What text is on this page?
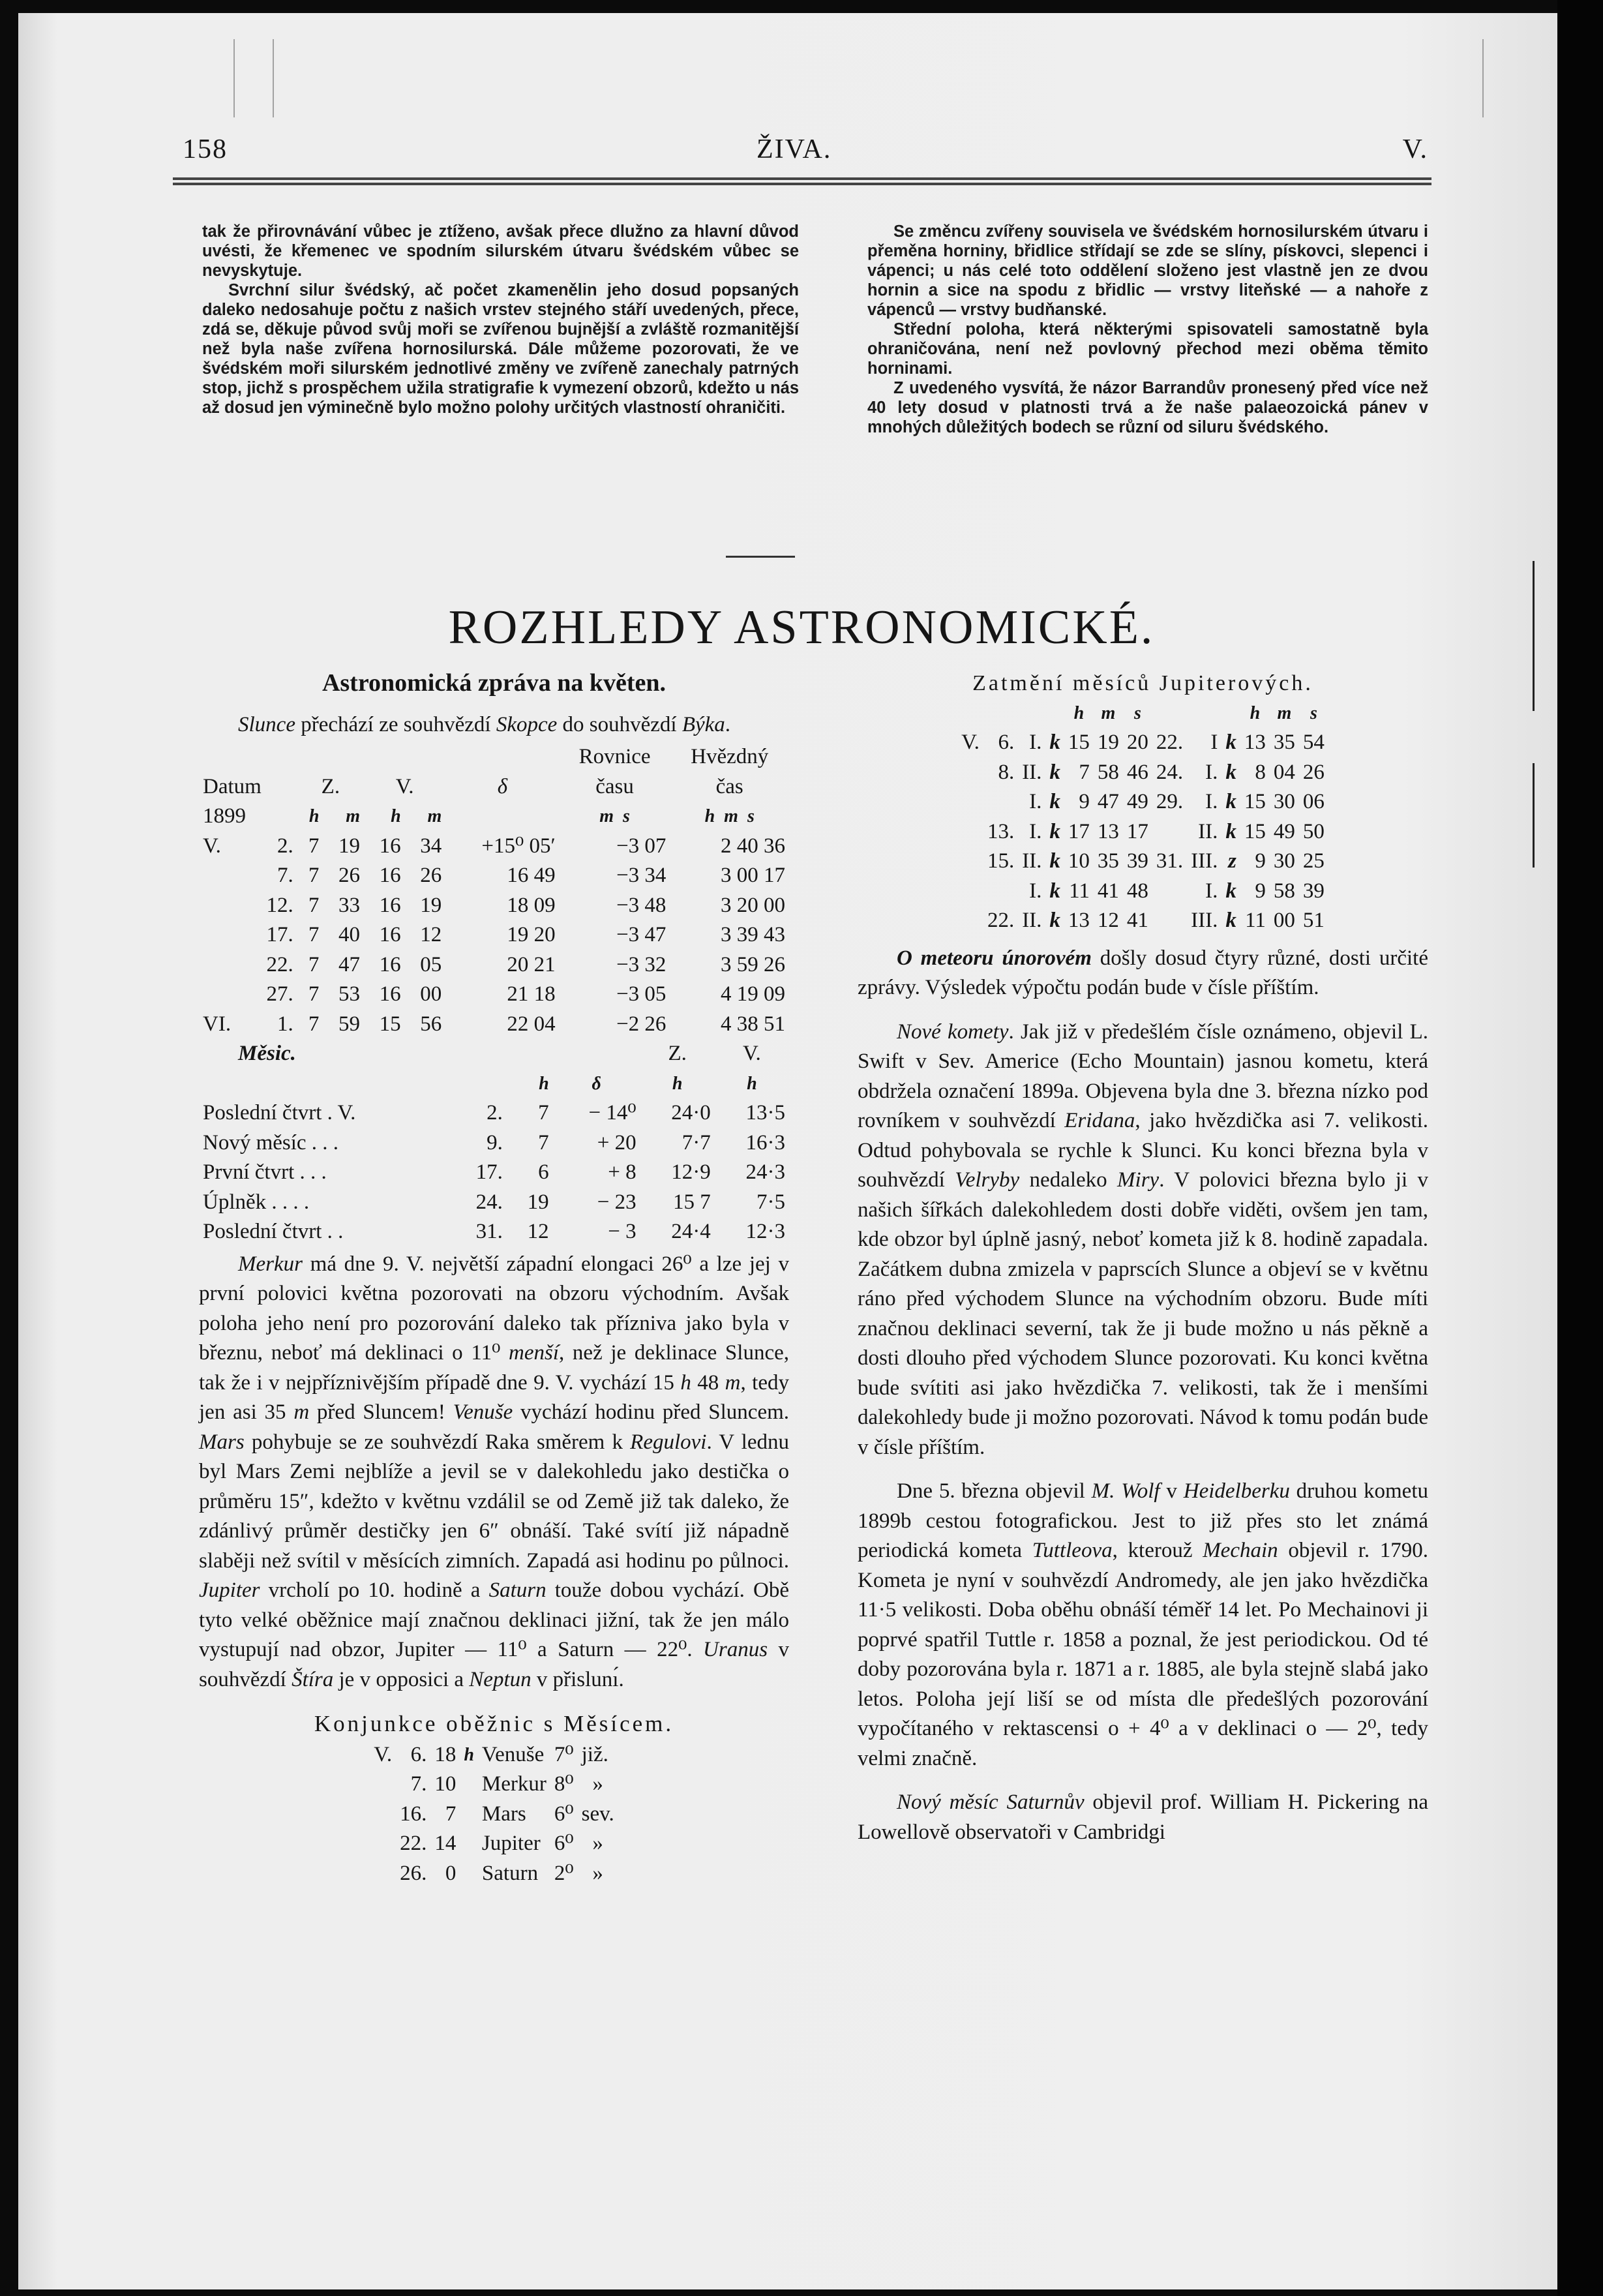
158	ŽIVA.	V.

tak že přirovnávání vůbec je ztíženo, avšak přece dlužno za hlavní důvod uvésti, že křemenec ve spodním silurském útvaru švédském vůbec se nevyskytuje.

Svrchní silur švédský, ač počet zkamenělin jeho dosud popsaných daleko nedosahuje počtu z našich vrstev stejného stáří uvedených, přece, zdá se, děkuje původ svůj moři se zvířenou bujnější a zvláště rozmanitější než byla naše zvířena hornosilurská. Dále můžeme pozorovati, že ve švédském moři silurském jednotlivé změny ve zvířeně zanechaly patrných stop, jichž s prospěchem užila stratigrafie k vymezení obzorů, kdežto u nás až dosud jen výminečně bylo možno polohy určitých vlastností ohraničiti.

Se změncu zvířeny souvisela ve švédském hornosilurském útvaru i přeměna horniny, břidlice střídají se zde se slíny, pískovci, slepenci i vápenci; u nás celé toto oddělení složeno jest vlastně jen ze dvou hornin a sice na spodu z břidlic — vrstvy liteňské — a nahoře z vápenců — vrstvy budňanské.

Střední poloha, která některými spisovateli samostatně byla ohraničována, není než povlovný přechod mezi oběma těmito horninami.

Z uvedeného vysvítá, že názor Barrandův pronesený před více než 40 lety dosud v platnosti trvá a že naše palaeozoická pánev v mnohých důležitých bodech se různí od siluru švédského.

ROZHLEDY ASTRONOMICKÉ.
Astronomická zpráva na květen.

Slunce přechází ze souhvězdí Skopce do souhvězdí Býka.

							Rovnice	Hvězdný
Datum		Z.		V.		δ	času	čas
1899		h	m	h	m		m s	h m s
V.	2.	7	19	16	34	+15⁰ 05′	−3 07	2 40 36
	7.	7	26	16	26	16 49	−3 34	3 00 17
	12.	7	33	16	19	18 09	−3 48	3 20 00
	17.	7	40	16	12	19 20	−3 47	3 39 43
	22.	7	47	16	05	20 21	−3 32	3 59 26
	27.	7	53	16	00	21 18	−3 05	4 19 09
VI.	1.	7	59	15	56	22 04	−2 26	4 38 51
Měsic.				Z.	V.
		h	δ	h	h
Poslední čtvrt . V.	2.	7	− 14⁰	24·0	13·5
Nový měsíc . . .	9.	7	+ 20	7·7	16·3
První čtvrt . . .	17.	6	+ 8	12·9	24·3
Úplněk . . . .	24.	19	− 23	15 7	7·5
Poslední čtvrt . .	31.	12	− 3	24·4	12·3

Merkur má dne 9. V. největší západní elongaci 26⁰ a lze jej v první polovici května pozorovati na obzoru východním. Avšak poloha jeho není pro pozorování daleko tak přízniva jako byla v březnu, neboť má deklinaci o 11⁰ menší, než je deklinace Slunce, tak že i v nejpříznivějším případě dne 9. V. vychází 15 h 48 m, tedy jen asi 35 m před Sluncem! Venuše vychází hodinu před Sluncem. Mars pohybuje se ze souhvězdí Raka směrem k Regulovi. V lednu byl Mars Zemi nejblíže a jevil se v dalekohledu jako destička o průměru 15″, kdežto v květnu vzdálil se od Země již tak daleko, že zdánlivý průměr destičky jen 6″ obnáší. Také svítí již nápadně slaběji než svítil v měsících zimních. Zapadá asi hodinu po půlnoci. Jupiter vrcholí po 10. hodině a Saturn touže dobou vychází. Obě tyto velké oběžnice mají značnou deklinaci jižní, tak že jen málo vystupují nad obzor, Jupiter — 11⁰ a Saturn — 22⁰. Uranus v souhvězdí Štíra je v opposici a Neptun v přislunı́.

Konjunkce oběžnic s Měsícem.
V.	6.	18	h	Venuše	7⁰	již.
	7.	10		Merkur	8⁰	»
	16.	7		Mars	6⁰	sev.
	22.	14		Jupiter	6⁰	»
	26.	0		Saturn	2⁰	»
Zatmění měsíců Jupiterových.
				h	m	s				h	m	s
V.	6.	I.	k	15	19	20	22.	I	k	13	35	54
	8.	II.	k	7	58	46	24.	I.	k	8	04	26
		I.	k	9	47	49	29.	I.	k	15	30	06
	13.	I.	k	17	13	17		II.	k	15	49	50
	15.	II.	k	10	35	39	31.	III.	z	9	30	25
		I.	k	11	41	48		I.	k	9	58	39
	22.	II.	k	13	12	41		III.	k	11	00	51

O meteoru únorovém došly dosud čtyry různé, dosti určité zprávy. Výsledek výpočtu podán bude v čísle příštím.

Nové komety. Jak již v předešlém čísle oznámeno, objevil L. Swift v Sev. Americe (Echo Mountain) jasnou kometu, která obdržela označení 1899a. Objevena byla dne 3. března nízko pod rovníkem v souhvězdí Eridana, jako hvězdička asi 7. velikosti. Odtud pohybovala se rychle k Slunci. Ku konci března byla v souhvězdí Velryby nedaleko Miry. V polovici března bylo ji v našich šířkách dalekohledem dosti dobře viděti, ovšem jen tam, kde obzor byl úplně jasný, neboť kometa již k 8. hodině zapadala. Začátkem dubna zmizela v paprscích Slunce a objeví se v květnu ráno před východem Slunce na východním obzoru. Bude míti značnou deklinaci severní, tak že ji bude možno u nás pěkně a dosti dlouho před východem Slunce pozorovati. Ku konci května bude svítiti asi jako hvězdička 7. velikosti, tak že i menšími dalekohledy bude ji možno pozorovati. Návod k tomu podán bude v čísle příštím.

Dne 5. března objevil M. Wolf v Heidelberku druhou kometu 1899b cestou fotografickou. Jest to již přes sto let známá periodická kometa Tuttleova, kterouž Mechain objevil r. 1790. Kometa je nyní v souhvězdí Andromedy, ale jen jako hvězdička 11·5 velikosti. Doba oběhu obnáší téměř 14 let. Po Mechainovi ji poprvé spatřil Tuttle r. 1858 a poznal, že jest periodickou. Od té doby pozorována byla r. 1871 a r. 1885, ale byla stejně slabá jako letos. Poloha její liší se od místa dle předešlých pozorování vypočítaného v rektascensi o + 4⁰ a v deklinaci o — 2⁰, tedy velmi značně.

Nový měsíc Saturnův objevil prof. William H. Pickering na Lowellově observatoři v Cambridgi
